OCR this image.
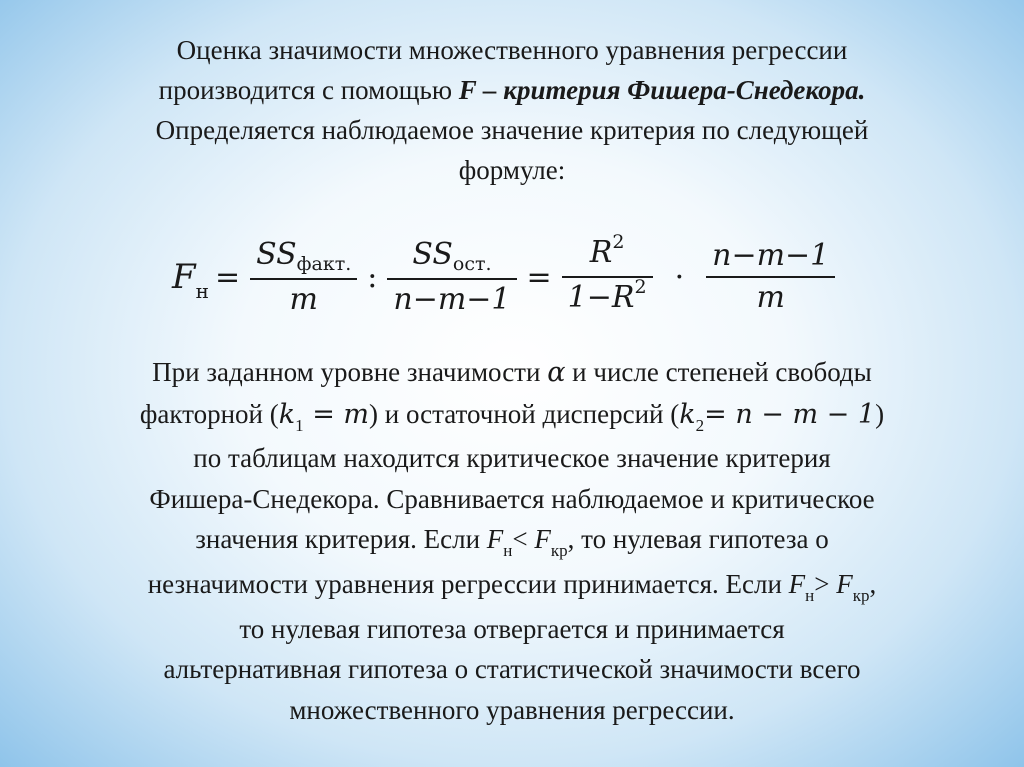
Оценка значимости множественного уравнения регрессии
производится с помощью F – критерия Фишера-Снедекора.
Определяется наблюдаемое значение критерия по следующей
формуле:
$F_н = \frac{SS_{факт.}}{m}$ : $\frac{SS_{ост.}}{n-m-1} = \frac{R^2}{1-R^2} \cdot \frac{n-m-1}{m}$
При заданном уровне значимости α и числе степеней свободы
факторной $(k_1 = m)$ и остаточной дисперсий $(k_2= n - m - 1)$
по таблицам находится критическое значение критерия
Фишера-Снедекора. Сравнивается наблюдаемое и критическое
значения критерия. Если $F_н< F_{кр}$, то нулевая гипотеза о
незначимости уравнения регрессии принимается. Если $F_н> F_{кр}$,
то нулевая гипотеза отвергается и принимается
альтернативная гипотеза о статистической значимости всего
множественного уравнения регрессии.
